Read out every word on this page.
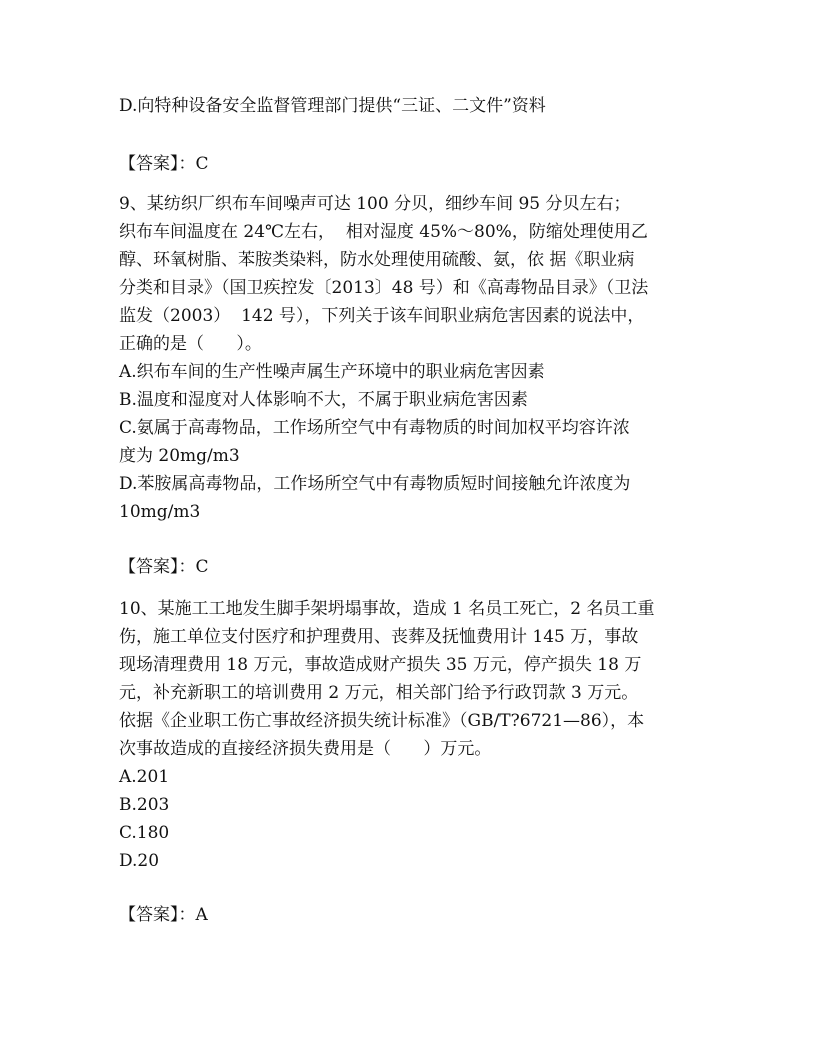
D.向特种设备安全监督管理部门提供“三证、二文件”资料

【答案】：C

9、某纺织厂织布车间噪声可达 100 分贝，细纱车间 95 分贝左右；

织布车间温度在 24℃左右，  相对湿度 45%～80%，防缩处理使用乙

醇、环氧树脂、苯胺类染料，防水处理使用硫酸、氨，依 据《职业病

分类和目录》（国卫疾控发〔2013〕48 号）和《高毒物品目录》（卫法

监发（2003）  142 号），下列关于该车间职业病危害因素的说法中，

正确的是（      ）。

A.织布车间的生产性噪声属生产环境中的职业病危害因素

B.温度和湿度对人体影响不大，不属于职业病危害因素

C.氨属于高毒物品，工作场所空气中有毒物质的时间加权平均容许浓

度为 20mg/m3

D.苯胺属高毒物品，工作场所空气中有毒物质短时间接触允许浓度为

10mg/m3

【答案】：C

10、某施工工地发生脚手架坍塌事故，造成 1 名员工死亡，2 名员工重

伤，施工单位支付医疗和护理费用、丧葬及抚恤费用计 145 万，事故

现场清理费用 18 万元，事故造成财产损失 35 万元，停产损失 18 万

元，补充新职工的培训费用 2 万元，相关部门给予行政罚款 3 万元。

依据《企业职工伤亡事故经济损失统计标准》（GB/T?6721—86），本

次事故造成的直接经济损失费用是（      ）万元。

A.201

B.203

C.180

D.20

【答案】：A
